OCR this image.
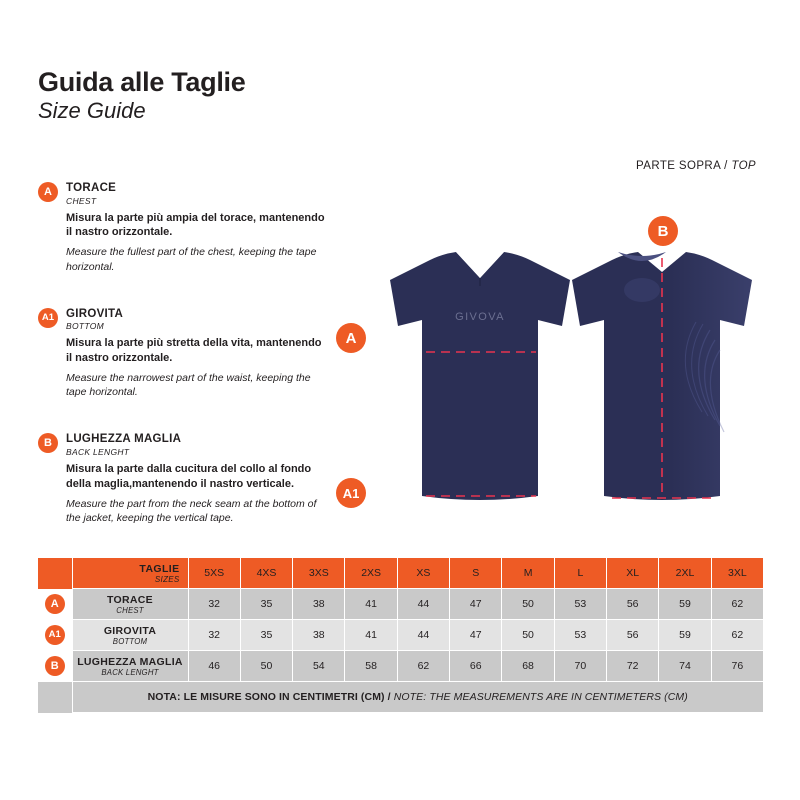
Guida alle Taglie
Size Guide
PARTE SOPRA / TOP
A	TORACE
CHEST
Misura la parte più ampia del torace, mantenendo il nastro orizzontale.
Measure the fullest part of the chest, keeping the tape horizontal.
A1	GIROVITA
BOTTOM
Misura la parte più stretta della vita, mantenendo il nastro orizzontale.
Measure the narrowest part of the waist, keeping the tape horizontal.
B	LUGHEZZA MAGLIA
BACK LENGHT
Misura la parte dalla cucitura del collo al fondo della maglia,mantenendo il nastro verticale.
Measure the part from the neck seam at the bottom of the jacket, keeping the vertical tape.
GIVOVA
A
A1
B
	TAGLIE
SIZES	5XS	4XS	3XS	2XS	XS	S	M	L	XL	2XL	3XL

A	TORACE
CHEST	32	35	38	41	44	47	50	53	56	59	62

A1	GIROVITA
BOTTOM	32	35	38	41	44	47	50	53	56	59	62

B	LUGHEZZA MAGLIA
BACK LENGHT	46	50	54	58	62	66	68	70	72	74	76
	NOTA: LE MISURE SONO IN CENTIMETRI (CM) / NOTE: THE MEASUREMENTS ARE IN CENTIMETERS (CM)											
